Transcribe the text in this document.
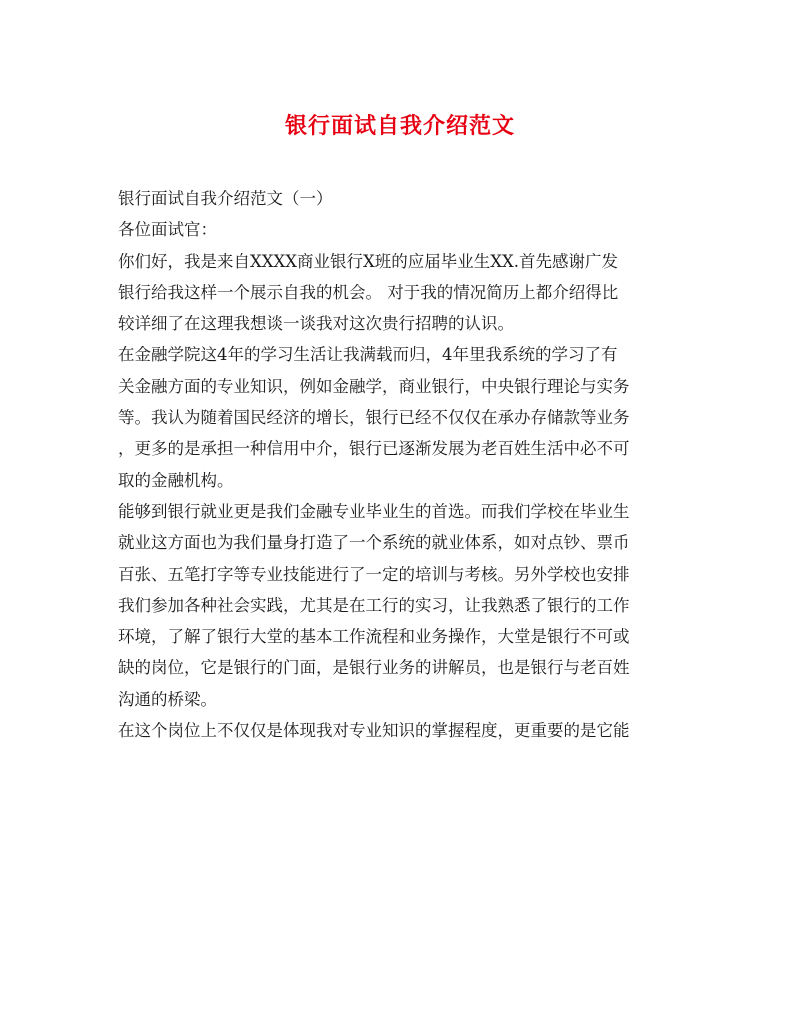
银行面试自我介绍范文

银行面试自我介绍范文（一）

各位面试官：

你们好，我是来自XXXX商业银行X班的应届毕业生XX.首先感谢广发
银行给我这样一个展示自我的机会。 对于我的情况简历上都介绍得比
较详细了在这理我想谈一谈我对这次贵行招聘的认识。

在金融学院这4年的学习生活让我满载而归，4年里我系统的学习了有
关金融方面的专业知识，例如金融学，商业银行，中央银行理论与实务
等。我认为随着国民经济的增长，银行已经不仅仅在承办存储款等业务
，更多的是承担一种信用中介，银行已逐渐发展为老百姓生活中必不可
取的金融机构。

能够到银行就业更是我们金融专业毕业生的首选。而我们学校在毕业生
就业这方面也为我们量身打造了一个系统的就业体系，如对点钞、票币
百张、五笔打字等专业技能进行了一定的培训与考核。另外学校也安排
我们参加各种社会实践，尤其是在工行的实习，让我熟悉了银行的工作
环境，了解了银行大堂的基本工作流程和业务操作，大堂是银行不可或
缺的岗位，它是银行的门面，是银行业务的讲解员，也是银行与老百姓
沟通的桥梁。

在这个岗位上不仅仅是体现我对专业知识的掌握程度，更重要的是它能
